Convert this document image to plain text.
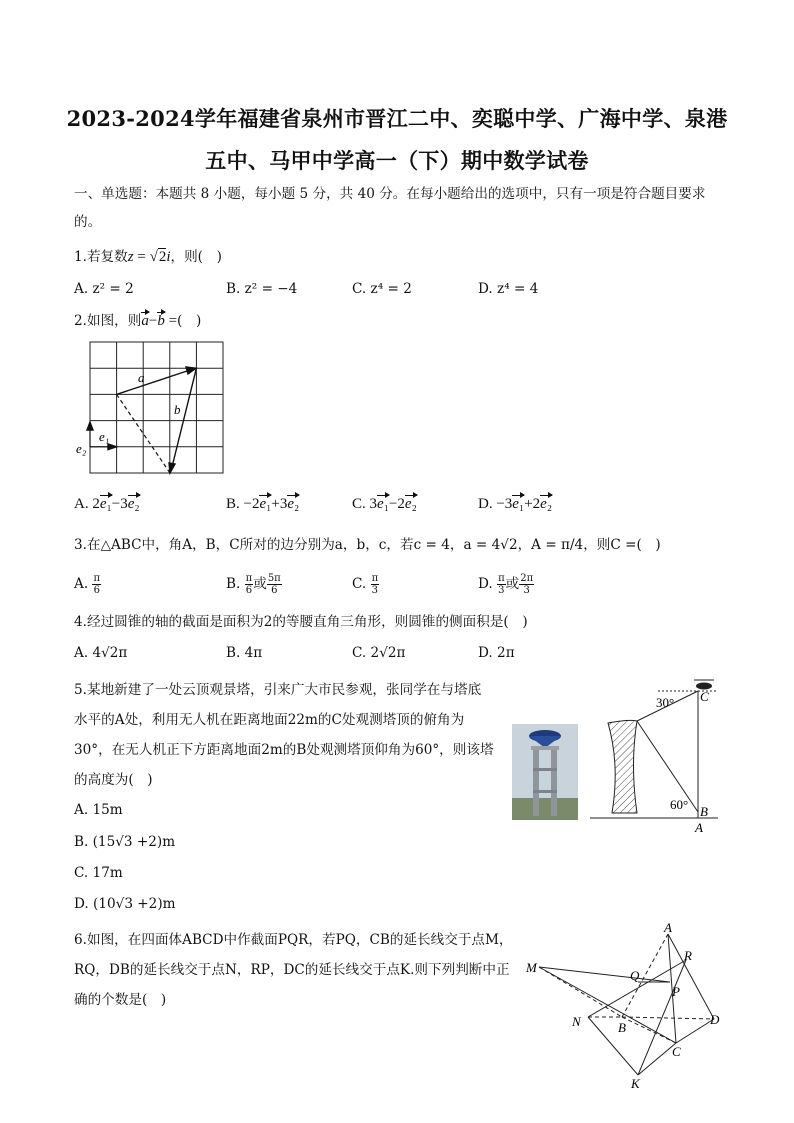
2023-2024学年福建省泉州市晋江二中、奕聪中学、广海中学、泉港
五中、马甲中学高一（下）期中数学试卷
一、单选题：本题共 8 小题，每小题 5 分，共 40 分。在每小题给出的选项中，只有一项是符合题目要求
的。
1.若复数z = √2i，则(　)
A. z² = 2	B. z² = −4	C. z⁴ = 2	D. z⁴ = 4
2.如图，则a−b =(　)
a
b
e₁
e₂
A. 2e₁−3e₂	B. −2e₁+3e₂	C. 3e₁−2e₂	D. −3e₁+2e₂
3.在△ABC中，角A，B，C所对的边分别为a，b，c，若c = 4，a = 4√2，A = π/4，则C =(　)
A. $\frac{\pi}{6}$	B. $\frac{\pi}{6}$ 或 $\frac{5\pi}{6}$	C. $\frac{\pi}{3}$	D. $\frac{\pi}{3}$ 或 $\frac{2\pi}{3}$
4.经过圆锥的轴的截面是面积为2的等腰直角三角形，则圆锥的侧面积是(　)
A. 4√2π	B. 4π	C. 2√2π	D. 2π
5.某地新建了一处云顶观景塔，引来广大市民参观，张同学在与塔底
水平的A处，利用无人机在距离地面22m的C处观测塔顶的俯角为
30°，在无人机正下方距离地面2m的B处观测塔顶仰角为60°，则该塔
的高度为(　)
A. 15m
B. (15√3 +2)m
C. 17m
D. (10√3 +2)m
30°
60°
C
B
A
6.如图，在四面体ABCD中作截面PQR，若PQ，CB的延长线交于点M，
RQ，DB的延长线交于点N，RP，DC的延长线交于点K.则下列判断中正
确的个数是(　)
A
R
M
Q
P
N	B
D
C
K
